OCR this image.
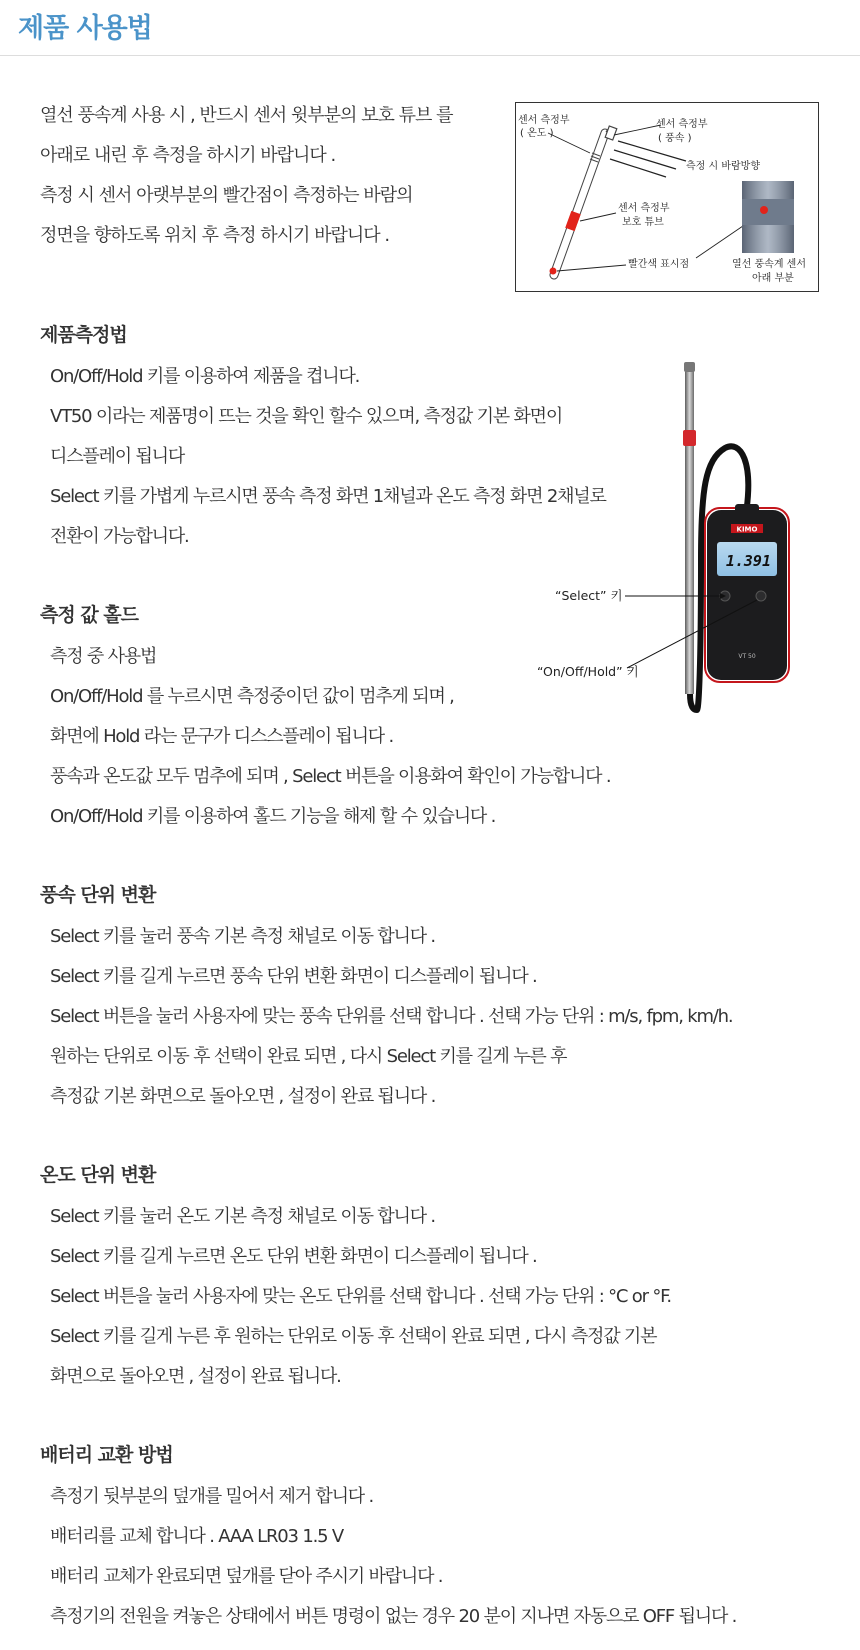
제품 사용법

열선 풍속계 사용 시 , 반드시 센서 윗부분의 보호 튜브 를

아래로 내린 후 측정을 하시기 바랍니다 .

측정 시 센서 아랫부분의 빨간점이 측정하는 바람의

정면을 향하도록 위치 후 측정 하시기 바랍니다 .

센서 측정부
( 온도 )
센서 측정부
( 풍속 )
측정 시 바람방향
센서 측정부
보호 튜브
빨간색 표시점	열선 풍속계 센서
아래 부분
KIMO
1.391
VT 50
“Select” 키
“On/Off/Hold” 키
제품측정법
On/Off/Hold 키를 이용하여 제품을 켭니다.
VT50 이라는 제품명이 뜨는 것을 확인 할수 있으며, 측정값 기본 화면이
디스플레이 됩니다
Select 키를 가볍게 누르시면 풍속 측정 화면 1채널과 온도 측정 화면 2채널로
전환이 가능합니다.
측정 값 홀드
측정 중 사용법
On/Off/Hold 를 누르시면 측정중이던 값이 멈추게 되며 ,
화면에 Hold 라는 문구가 디스스플레이 됩니다 .
풍속과 온도값 모두 멈추에 되며 , Select 버튼을 이용화여 확인이 가능합니다 .
On/Off/Hold 키를 이용하여 홀드 기능을 해제 할 수 있습니다 .
풍속 단위 변환
Select 키를 눌러 풍속 기본 측정 채널로 이동 합니다 .
Select 키를 길게 누르면 풍속 단위 변환 화면이 디스플레이 됩니다 .
Select 버튼을 눌러 사용자에 맞는 풍속 단위를 선택 합니다 . 선택 가능 단위 : m/s, fpm, km/h.
원하는 단위로 이동 후 선택이 완료 되면 , 다시 Select 키를 길게 누른 후
측정값 기본 화면으로 돌아오면 , 설정이 완료 됩니다 .
온도 단위 변환
Select 키를 눌러 온도 기본 측정 채널로 이동 합니다 .
Select 키를 길게 누르면 온도 단위 변환 화면이 디스플레이 됩니다 .
Select 버튼을 눌러 사용자에 맞는 온도 단위를 선택 합니다 . 선택 가능 단위 : °C or °F.
Select 키를 길게 누른 후 원하는 단위로 이동 후 선택이 완료 되면 , 다시 측정값 기본
화면으로 돌아오면 , 설정이 완료 됩니다.
배터리 교환 방법
측정기 뒷부분의 덮개를 밀어서 제거 합니다 .
배터리를 교체 합니다 . AAA LR03 1.5 V
배터리 교체가 완료되면 덮개를 닫아 주시기 바랍니다 .
측정기의 전원을 켜놓은 상태에서 버튼 명령이 없는 경우 20 분이 지나면 자동으로 OFF 됩니다 .
